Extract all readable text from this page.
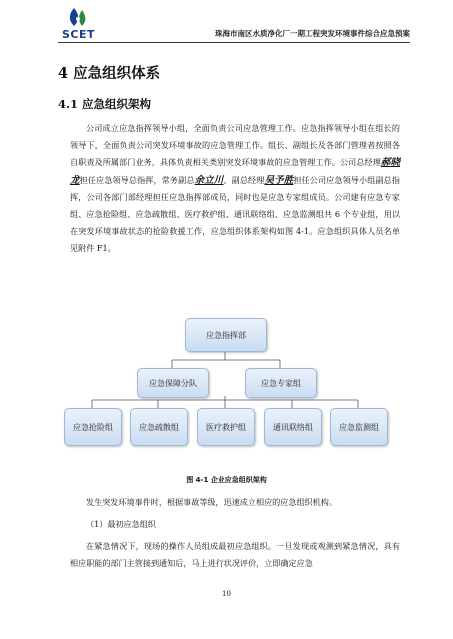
SCET	珠海市南区水质净化厂一期工程突发环境事件综合应急预案
4 应急组织体系
4.1 应急组织架构

公司成立应急指挥领导小组，全面负责公司应急管理工作。应急指挥领导小组在组长的领导下，全面负责公司突发环境事故的应急管理工作。组长、副组长及各部门管理者按照各自职责及所属部门业务，具体负责相关类别突发环境事故的应急管理工作。公司总经理郝晓龙担任应急领导总指挥，常务副总余立川、副总经理吴予胜担任公司应急领导小组副总指挥，公司各部门部经理担任应急指挥部成员，同时也是应急专家组成员。公司建有应急专家组、应急抢险组、应急疏散组、医疗救护组、通讯联络组、应急监测组共 6 个专业组，用以在突发环境事故状态的抢险救援工作，应急组织体系架构如图 4-1。应急组织具体人员名单见附件 F1。

应急指挥部
应急保障分队	应急专家组
应急抢险组	应急疏散组	医疗救护组	通讯联络组	应急监测组
图 4-1 企业应急组织架构

发生突发环境事件时，根据事故等级，迅速成立相应的应急组织机构。

（1）最初应急组织

在紧急情况下，现场的操作人员组成最初应急组织。一旦发现或观测到紧急情况，具有相应职能的部门主管接到通知后，马上进行状况评价，立即确定应急

10
